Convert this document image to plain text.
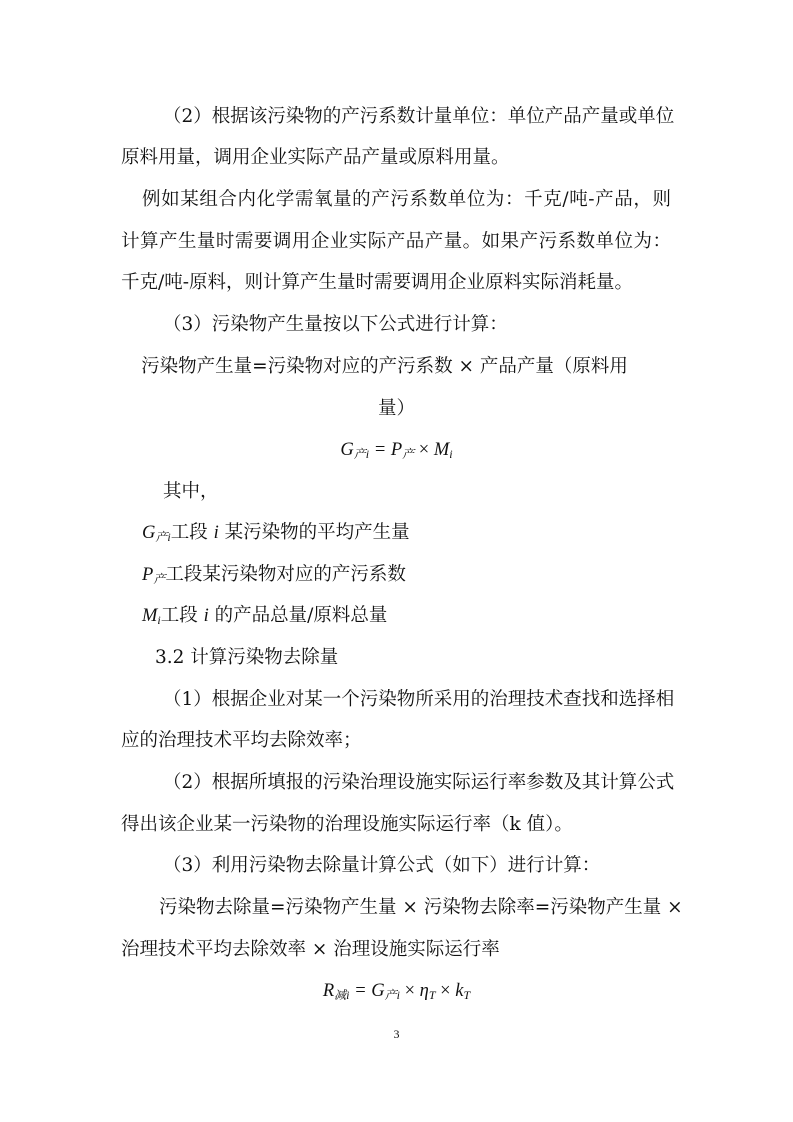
（2）根据该污染物的产污系数计量单位：单位产品产量或单位
原料用量，调用企业实际产品产量或原料用量。
例如某组合内化学需氧量的产污系数单位为：千克/吨-产品，则
计算产生量时需要调用企业实际产品产量。如果产污系数单位为：
千克/吨-原料，则计算产生量时需要调用企业原料实际消耗量。
（3）污染物产生量按以下公式进行计算：
污染物产生量=污染物对应的产污系数 × 产品产量（原料用
量）
$G_{产i} = P_产 \times M_i$
其中，
$G_{产i}$工段 i 某污染物的平均产生量
$P_产$工段某污染物对应的产污系数
$M_i$工段 i 的产品总量/原料总量
3.2 计算污染物去除量
（1）根据企业对某一个污染物所采用的治理技术查找和选择相
应的治理技术平均去除效率；
（2）根据所填报的污染治理设施实际运行率参数及其计算公式
得出该企业某一污染物的治理设施实际运行率（k 值）。
（3）利用污染物去除量计算公式（如下）进行计算：
污染物去除量=污染物产生量 × 污染物去除率=污染物产生量 ×
治理技术平均去除效率 × 治理设施实际运行率
$R_{减i} = G_{产i} \times \eta_T \times k_T$
3
